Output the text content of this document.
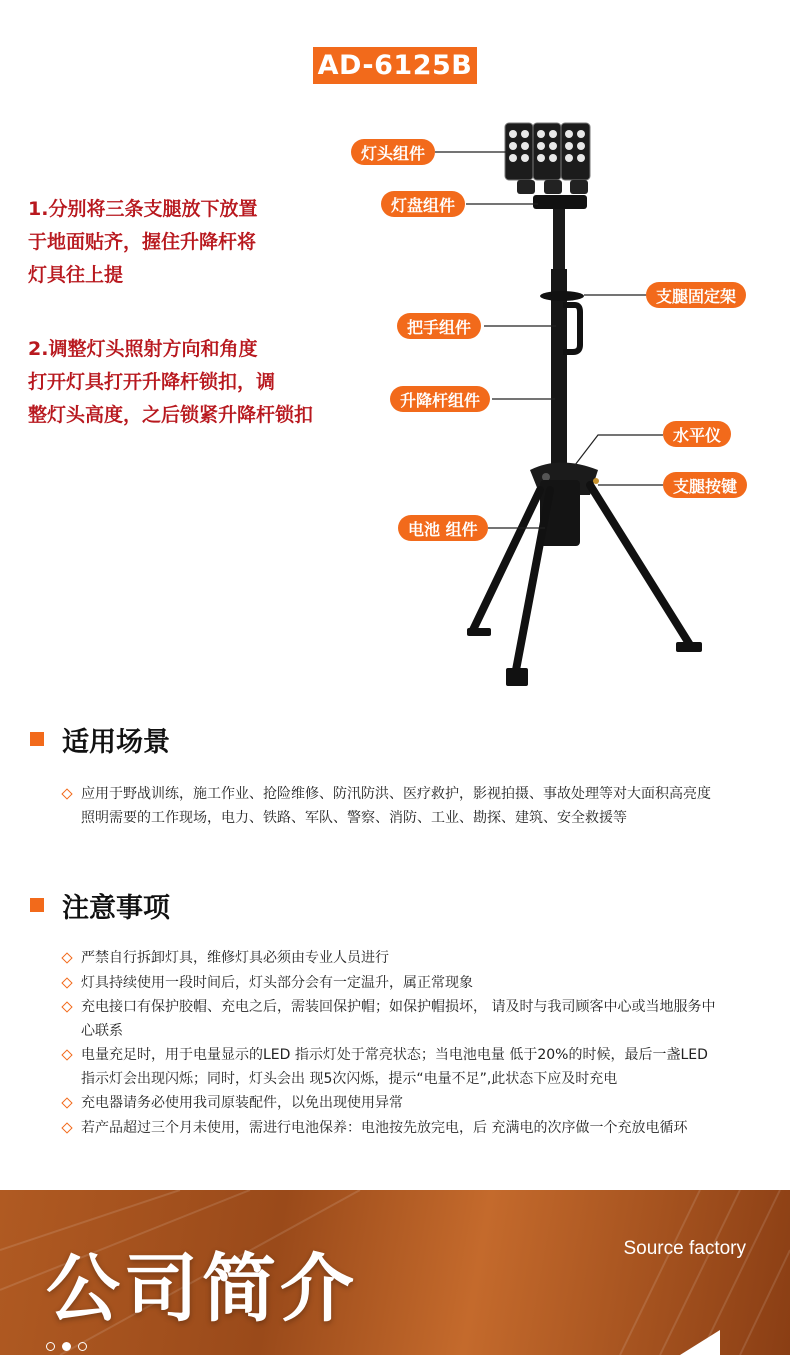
AD-6125B

1.分别将三条支腿放下放置
于地面贴齐，握住升降杆将
灯具往上提

2.调整灯头照射方向和角度
打开灯具打开升降杆锁扣，调
整灯头高度，之后锁紧升降杆锁扣

灯头组件
灯盘组件
支腿固定架
把手组件
升降杆组件
水平仪
支腿按键
电池 组件
适用场景
应用于野战训练，施工作业、抢险维修、防汛防洪、医疗救护，影视拍摄、事故处理等对大面积高亮度照明需要的工作现场，电力、铁路、军队、警察、消防、工业、勘探、建筑、安全救援等
注意事项
严禁自行拆卸灯具，维修灯具必须由专业人员进行
灯具持续使用一段时间后，灯头部分会有一定温升，属正常现象
充电接口有保护胶帽、充电之后，需装回保护帽；如保护帽损坏， 请及时与我司顾客中心或当地服务中心联系
电量充足时，用于电量显示的LED 指示灯处于常亮状态；当电池电量 低于20%的时候，最后一盏LED 指示灯会出现闪烁；同时，灯头会出 现5次闪烁，提示“电量不足”,此状态下应及时充电
充电器请务必使用我司原装配件，以免出现使用异常
若产品超过三个月未使用，需进行电池保养：电池按先放完电，后 充满电的次序做一个充放电循环
公司简介	Source factory
